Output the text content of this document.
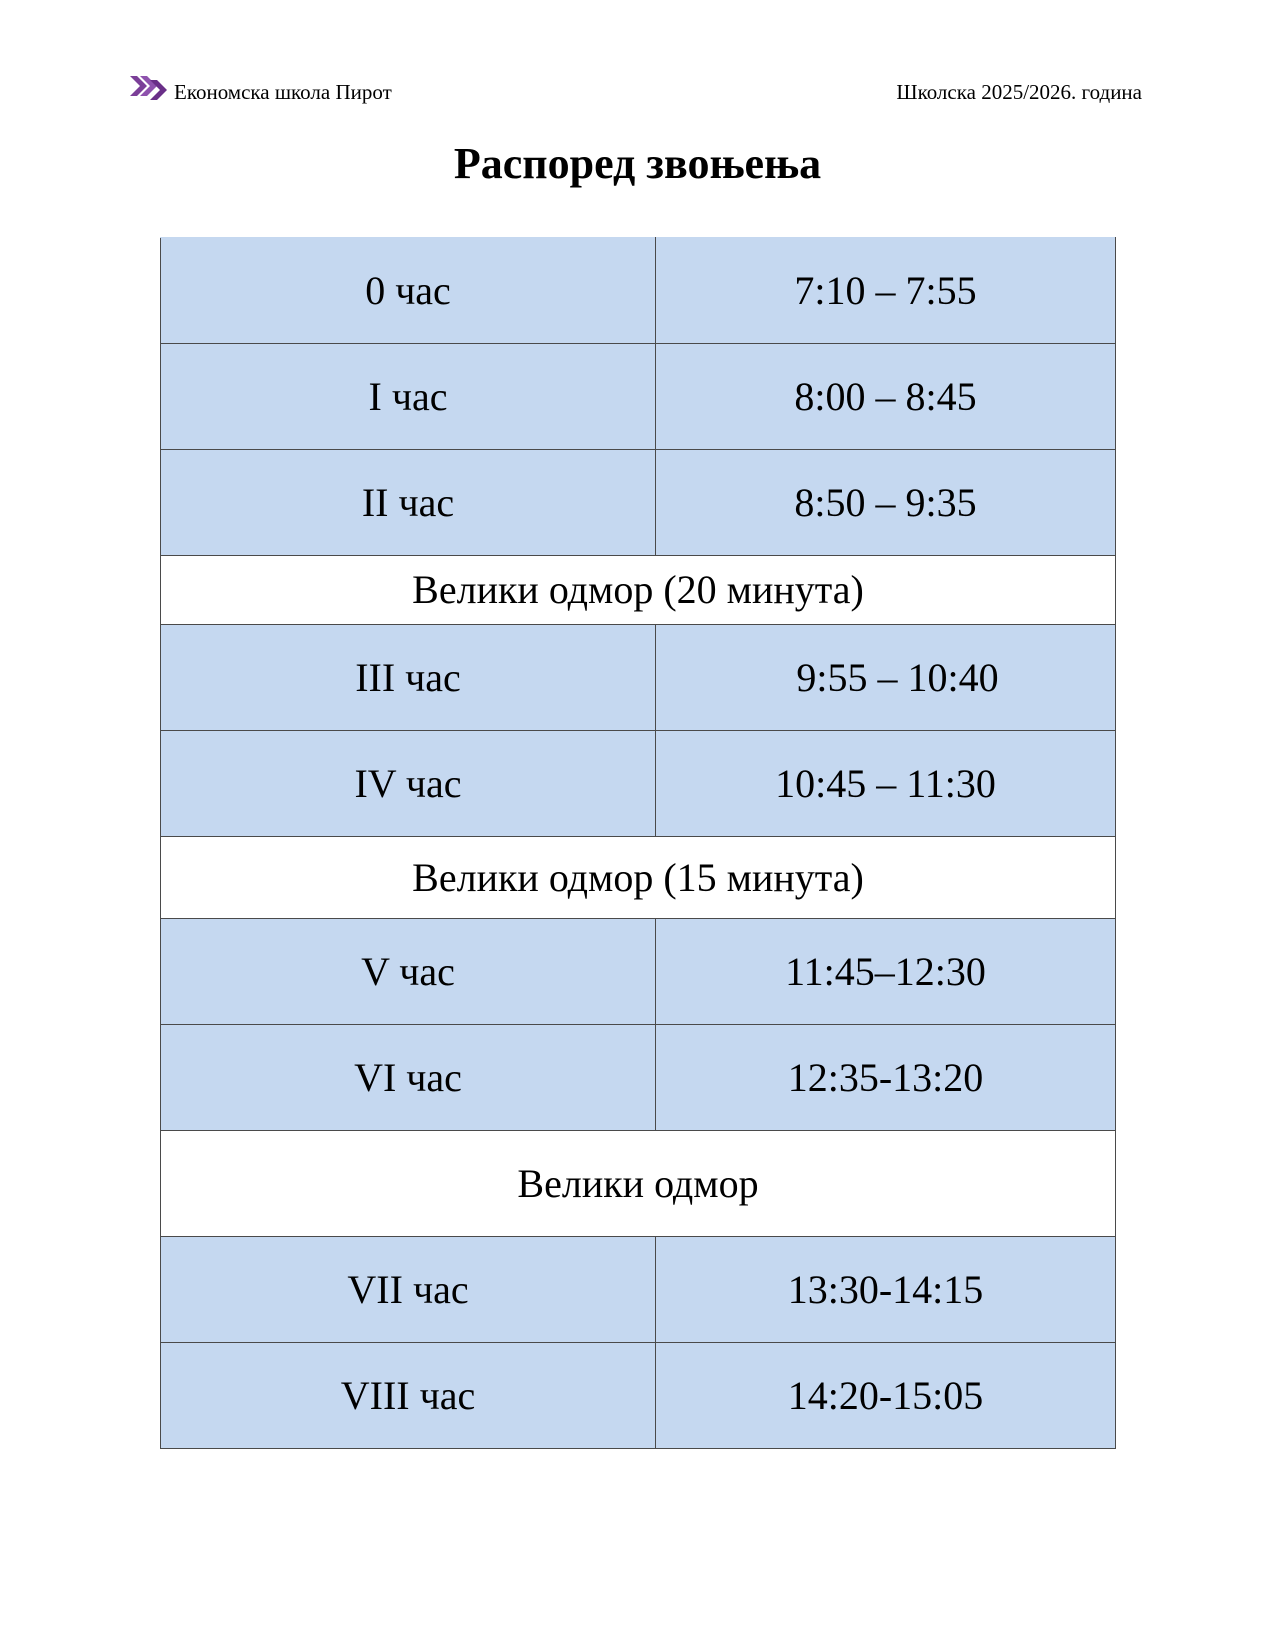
Економска школа Пирот	Школска 2025/2026. година
Распоред звоњења
0 час	7:10 – 7:55
I час	8:00 – 8:45
II час	8:50 – 9:35
Велики одмор (20 минута)	
III час	9:55 – 10:40
IV час	10:45 – 11:30
Велики одмор (15 минута)	
V час	11:45–12:30
VI час	12:35-13:20
Велики одмор	
VII час	13:30-14:15
VIII час	14:20-15:05
